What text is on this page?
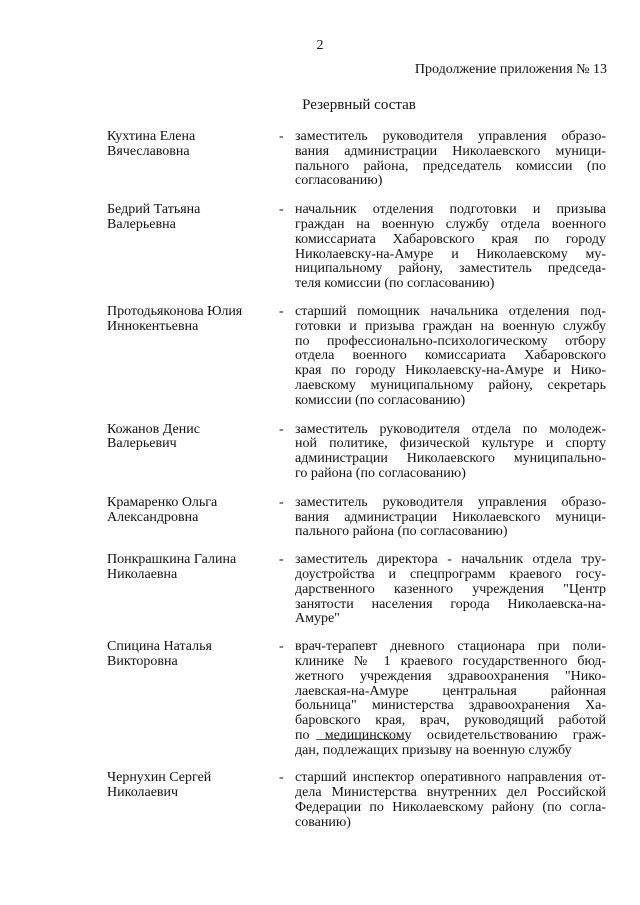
2
Продолжение приложения № 13
Резервный состав
Кухтина Елена
Вячеславовна
- заместитель руководителя управления образо-
вания администрации Николаевского муници-
пального района, председатель комиссии (по
согласованию)
Бедрий Татьяна
Валерьевна
- начальник отделения подготовки и призыва
граждан на военную службу отдела военного
комиссариата Хабаровского края по городу
Николаевску-на-Амуре и Николаевскому му-
ниципальному району, заместитель председа-
теля комиссии (по согласованию)
Протодьяконова Юлия
Иннокентьевна
- старший помощник начальника отделения под-
готовки и призыва граждан на военную службу
по профессионально-психологическому отбору
отдела военного комиссариата Хабаровского
края по городу Николаевску-на-Амуре и Нико-
лаевскому муниципальному району, секретарь
комиссии (по согласованию)
Кожанов Денис
Валерьевич
- заместитель руководителя отдела по молодеж-
ной политике, физической культуре и спорту
администрации Николаевского муниципально-
го района (по согласованию)
Крамаренко Ольга
Александровна
- заместитель руководителя управления образо-
вания администрации Николаевского муници-
пального района (по согласованию)
Понкрашкина Галина
Николаевна
- заместитель директора - начальник отдела тру-
доустройства и спецпрограмм краевого госу-
дарственного казенного учреждения "Центр
занятости населения города Николаевска-на-
Амуре"
Спицина Наталья
Викторовна
- врач-терапевт дневного стационара при поли-
клинике № 1 краевого государственного бюд-
жетного учреждения здравоохранения "Нико-
лаевская-на-Амуре центральная районная
больница" министерства здравоохранения Ха-
баровского края, врач, руководящий работой
по медицинскому освидетельствованию граж-
дан, подлежащих призыву на военную службу
Чернухин Сергей
Николаевич
- старший инспектор оперативного направления от-
дела Министерства внутренних дел Российской
Федерации по Николаевскому району (по согла-
сованию)
